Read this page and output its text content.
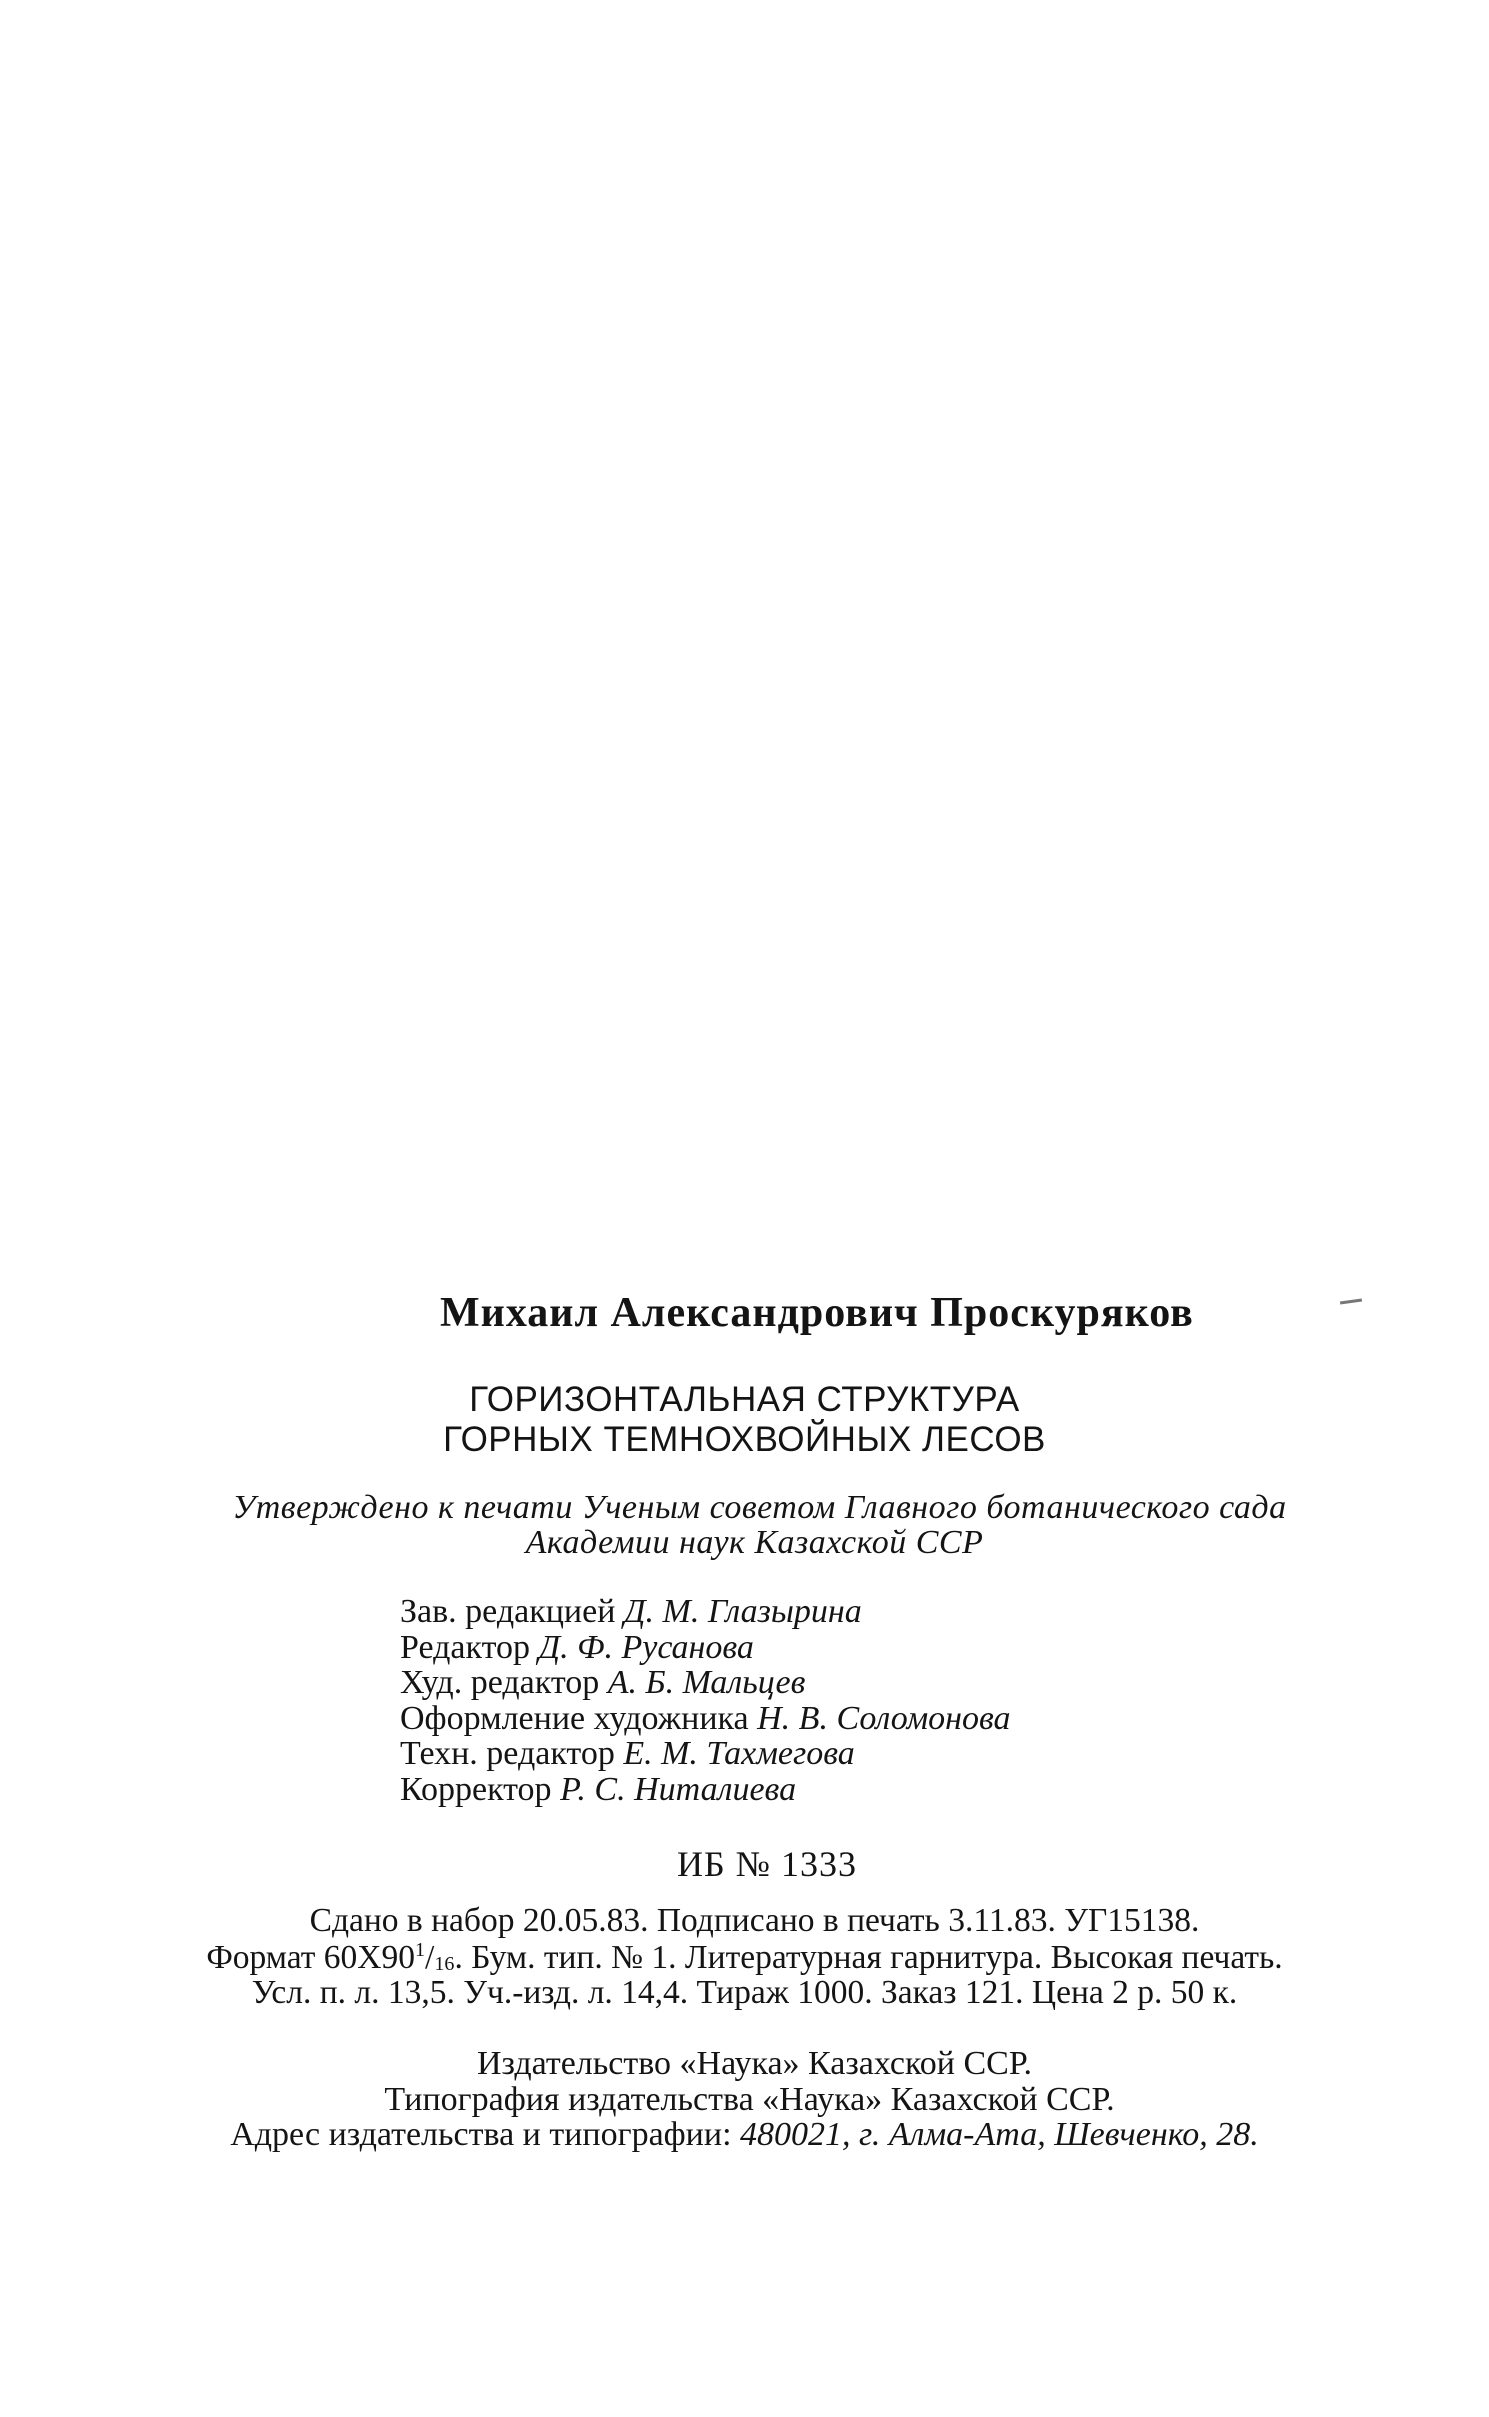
Михаил Александрович Проскуряков
ГОРИЗОНТАЛЬНАЯ СТРУКТУРА
ГОРНЫХ ТЕМНОХВОЙНЫХ ЛЕСОВ
Утверждено к печати Ученым советом Главного ботанического сада
Академии наук Казахской ССР
Зав. редакцией Д. М. Глазырина
Редактор Д. Ф. Русанова
Худ. редактор А. Б. Мальцев
Оформление художника Н. В. Соломонова
Техн. редактор Е. М. Тахмегова
Корректор Р. С. Ниталиева
ИБ № 1333
Сдано в набор 20.05.83. Подписано в печать 3.11.83. УГ15138.
Формат $60X90^1/_{16}$. Бум. тип. № 1. Литературная гарнитура. Высокая печать.
Усл. п. л. 13,5. Уч.-изд. л. 14,4. Тираж 1000. Заказ 121. Цена 2 р. 50 к.
Издательство «Наука» Казахской ССР.
Типография издательства «Наука» Казахской ССР.
Адрес издательства и типографии: 480021, г. Алма-Ата, Шевченко, 28.
